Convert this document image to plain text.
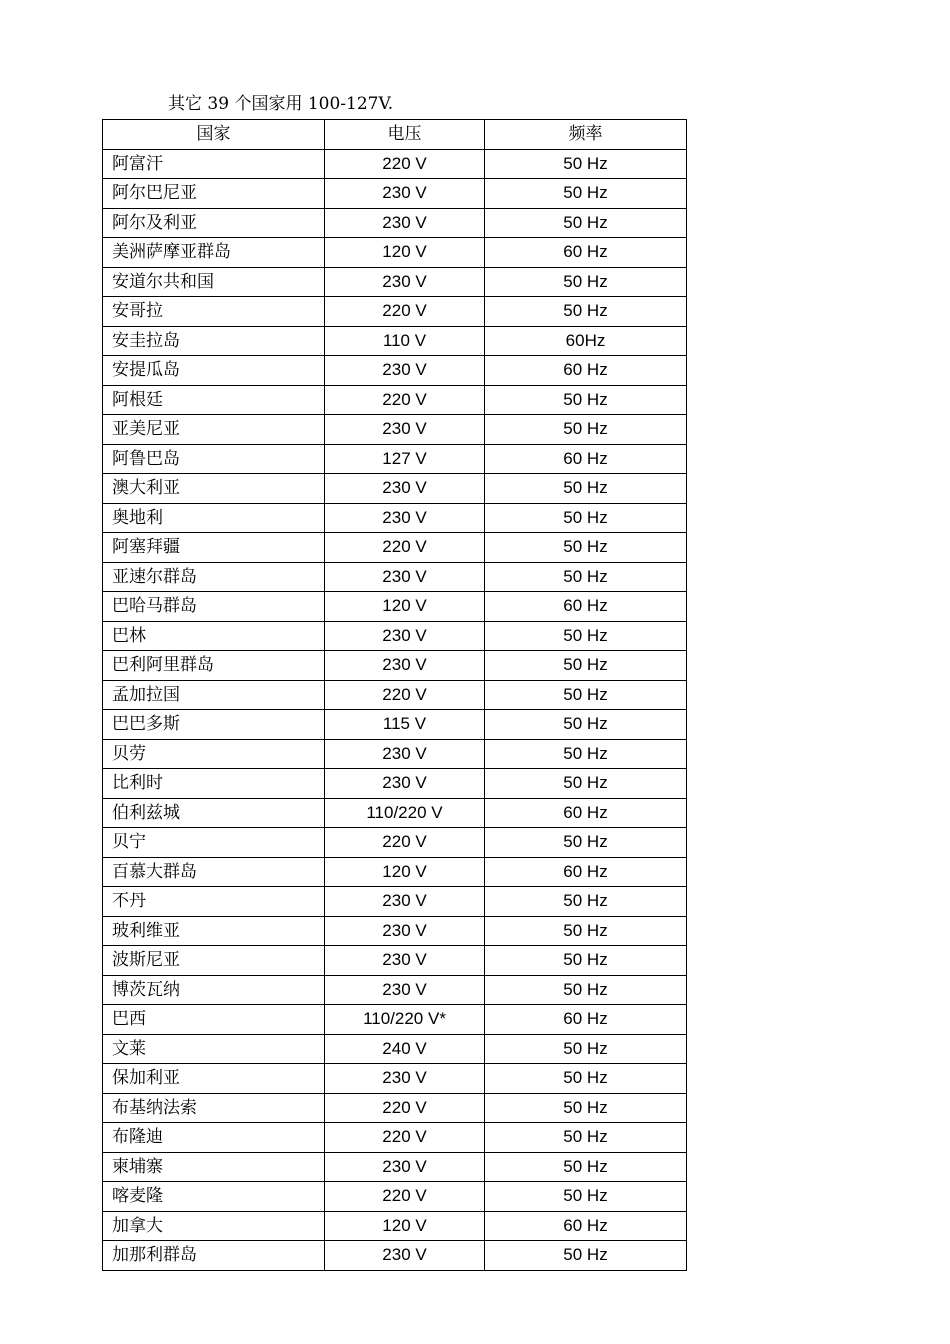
其它 39 个国家用 100-127V.
国家	电压	频率
阿富汗	220 V	50 Hz
阿尔巴尼亚	230 V	50 Hz
阿尔及利亚	230 V	50 Hz
美洲萨摩亚群岛	120 V	60 Hz
安道尔共和国	230 V	50 Hz
安哥拉	220 V	50 Hz
安圭拉岛	110 V	60Hz
安提瓜岛	230 V	60 Hz
阿根廷	220 V	50 Hz
亚美尼亚	230 V	50 Hz
阿鲁巴岛	127 V	60 Hz
澳大利亚	230 V	50 Hz
奥地利	230 V	50 Hz
阿塞拜疆	220 V	50 Hz
亚速尔群岛	230 V	50 Hz
巴哈马群岛	120 V	60 Hz
巴林	230 V	50 Hz
巴利阿里群岛	230 V	50 Hz
孟加拉国	220 V	50 Hz
巴巴多斯	115 V	50 Hz
贝劳	230 V	50 Hz
比利时	230 V	50 Hz
伯利兹城	110/220 V	60 Hz
贝宁	220 V	50 Hz
百慕大群岛	120 V	60 Hz
不丹	230 V	50 Hz
玻利维亚	230 V	50 Hz
波斯尼亚	230 V	50 Hz
博茨瓦纳	230 V	50 Hz
巴西	110/220 V*	60 Hz
文莱	240 V	50 Hz
保加利亚	230 V	50 Hz
布基纳法索	220 V	50 Hz
布隆迪	220 V	50 Hz
柬埔寨	230 V	50 Hz
喀麦隆	220 V	50 Hz
加拿大	120 V	60 Hz
加那利群岛	230 V	50 Hz
